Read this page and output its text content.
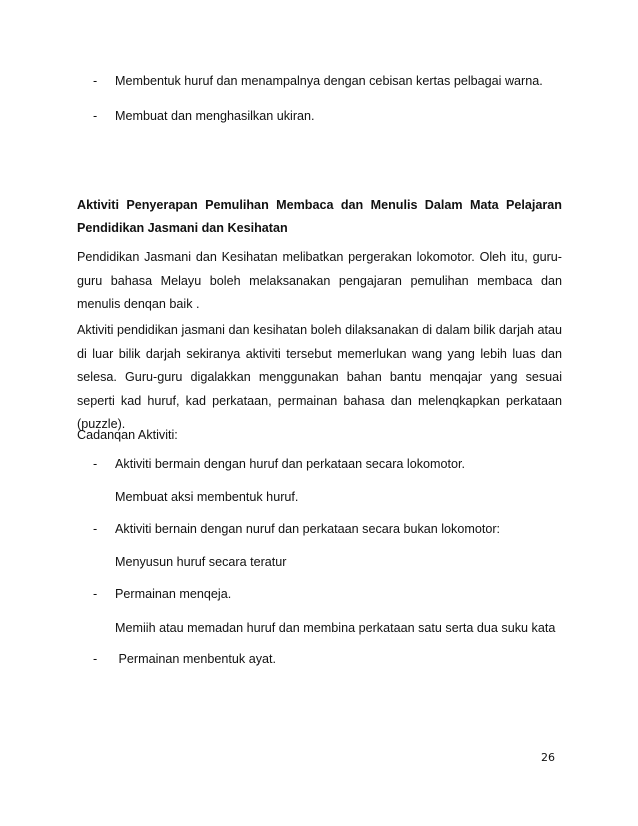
- Membentuk huruf dan menampalnya dengan cebisan kertas pelbagai warna.
- Membuat dan menghasilkan ukiran.

Aktiviti Penyerapan Pemulihan Membaca dan Menulis Dalam Mata Pelajaran Pendidikan Jasmani dan Kesihatan

Pendidikan Jasmani dan Kesihatan melibatkan pergerakan lokomotor. Oleh itu, guru-guru bahasa Melayu boleh melaksanakan pengajaran pemulihan membaca dan menulis denqan baik .

Aktiviti pendidikan jasmani dan kesihatan boleh dilaksanakan di dalam bilik darjah atau di luar bilik darjah sekiranya aktiviti tersebut memerlukan wang yang lebih luas dan selesa. Guru-guru digalakkan menggunakan bahan bantu menqajar yang sesuai seperti kad huruf, kad perkataan, permainan bahasa dan melenqkapkan perkataan (puzzle).

Cadanqan Aktiviti:
- Aktiviti bermain dengan huruf dan perkataan secara lokomotor.
Membuat aksi membentuk huruf.
- Aktiviti bernain dengan nuruf dan perkataan secara bukan lokomotor:
Menyusun huruf secara teratur
- Permainan menqeja.
Memiih atau memadan huruf dan membina perkataan satu serta dua suku kata
- Permainan menbentuk ayat.
26
